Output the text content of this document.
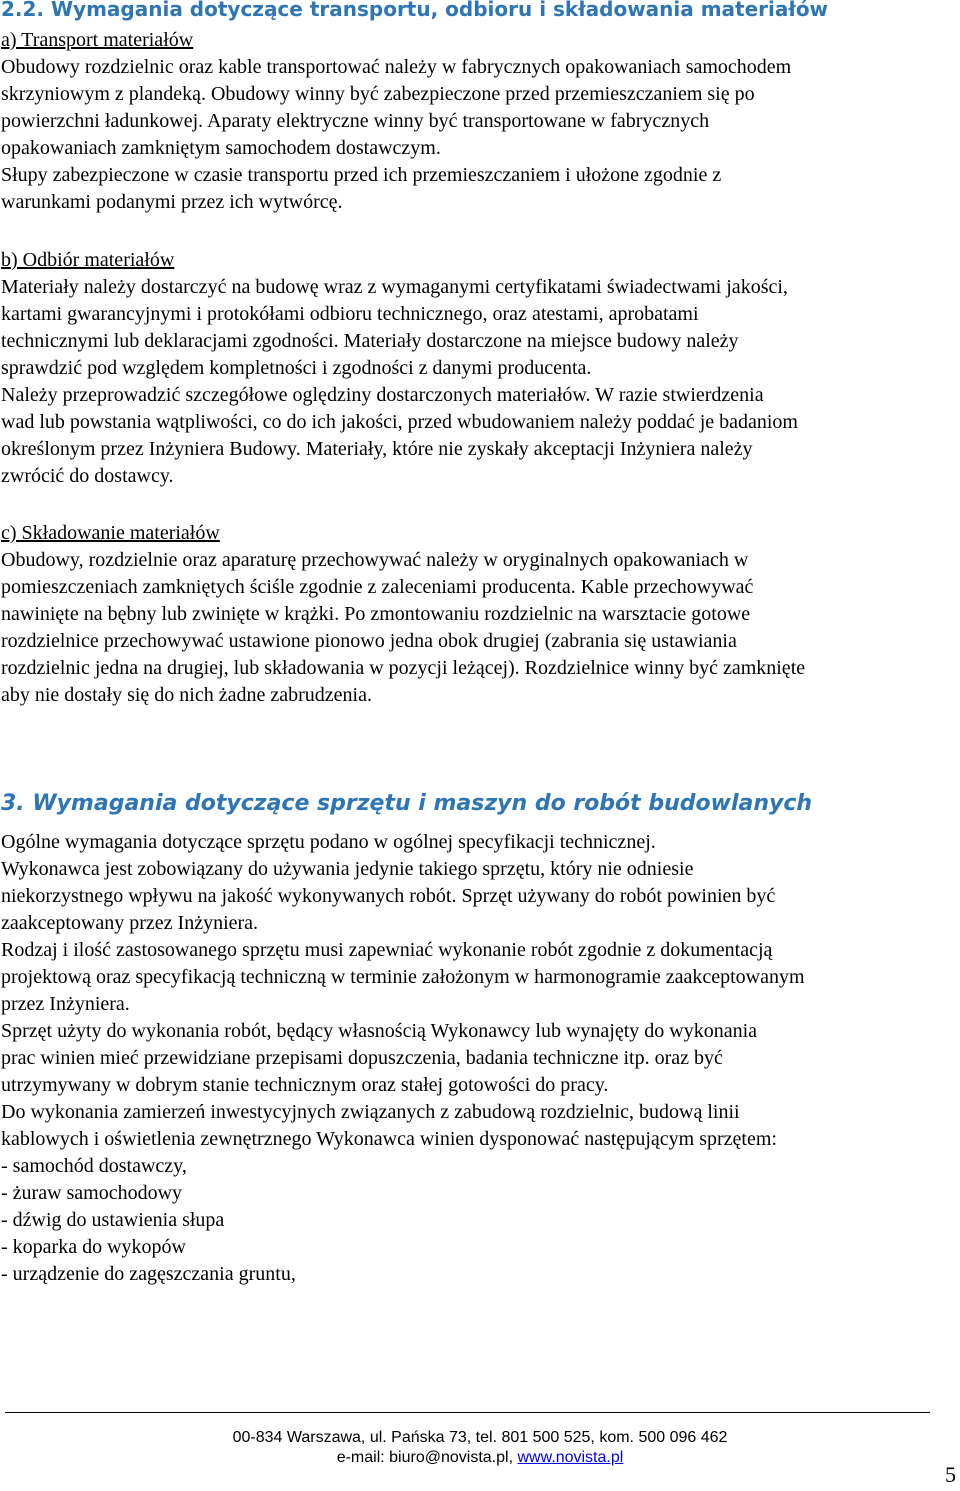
2.2. Wymagania dotyczące transportu, odbioru i składowania materiałów
a) Transport materiałów
Obudowy rozdzielnic oraz kable transportować należy w fabrycznych opakowaniach samochodem
skrzyniowym z plandeką. Obudowy winny być zabezpieczone przed przemieszczaniem się po
powierzchni ładunkowej. Aparaty elektryczne winny być transportowane w fabrycznych
opakowaniach zamkniętym samochodem dostawczym.
Słupy zabezpieczone w czasie transportu przed ich przemieszczaniem i ułożone zgodnie z
warunkami podanymi przez ich wytwórcę.
b) Odbiór materiałów
Materiały należy dostarczyć na budowę wraz z wymaganymi certyfikatami świadectwami jakości,
kartami gwarancyjnymi i protokółami odbioru technicznego, oraz atestami, aprobatami
technicznymi lub deklaracjami zgodności. Materiały dostarczone na miejsce budowy należy
sprawdzić pod względem kompletności i zgodności z danymi producenta.
Należy przeprowadzić szczegółowe oględziny dostarczonych materiałów. W razie stwierdzenia
wad lub powstania wątpliwości, co do ich jakości, przed wbudowaniem należy poddać je badaniom
określonym przez Inżyniera Budowy. Materiały, które nie zyskały akceptacji Inżyniera należy
zwrócić do dostawcy.
c) Składowanie materiałów
Obudowy, rozdzielnie oraz aparaturę przechowywać należy w oryginalnych opakowaniach w
pomieszczeniach zamkniętych ściśle zgodnie z zaleceniami producenta. Kable przechowywać
nawinięte na bębny lub zwinięte w krążki. Po zmontowaniu rozdzielnic na warsztacie gotowe
rozdzielnice przechowywać ustawione pionowo jedna obok drugiej (zabrania się ustawiania
rozdzielnic jedna na drugiej, lub składowania w pozycji leżącej). Rozdzielnice winny być zamknięte
aby nie dostały się do nich żadne zabrudzenia.
3. Wymagania dotyczące sprzętu i maszyn do robót budowlanych
Ogólne wymagania dotyczące sprzętu podano w ogólnej specyfikacji technicznej.
Wykonawca jest zobowiązany do używania jedynie takiego sprzętu, który nie odniesie
niekorzystnego wpływu na jakość wykonywanych robót. Sprzęt używany do robót powinien być
zaakceptowany przez Inżyniera.
Rodzaj i ilość zastosowanego sprzętu musi zapewniać wykonanie robót zgodnie z dokumentacją
projektową oraz specyfikacją techniczną w terminie założonym w harmonogramie zaakceptowanym
przez Inżyniera.
Sprzęt użyty do wykonania robót, będący własnością Wykonawcy lub wynajęty do wykonania
prac winien mieć przewidziane przepisami dopuszczenia, badania techniczne itp. oraz być
utrzymywany w dobrym stanie technicznym oraz stałej gotowości do pracy.
Do wykonania zamierzeń inwestycyjnych związanych z zabudową rozdzielnic, budową linii
kablowych i oświetlenia zewnętrznego Wykonawca winien dysponować następującym sprzętem:
- samochód dostawczy,
- żuraw samochodowy
- dźwig do ustawienia słupa
- koparka do wykopów
- urządzenie do zagęszczania gruntu,
00-834 Warszawa, ul. Pańska 73, tel. 801 500 525, kom. 500 096 462
e-mail: biuro@novista.pl, www.novista.pl
5
